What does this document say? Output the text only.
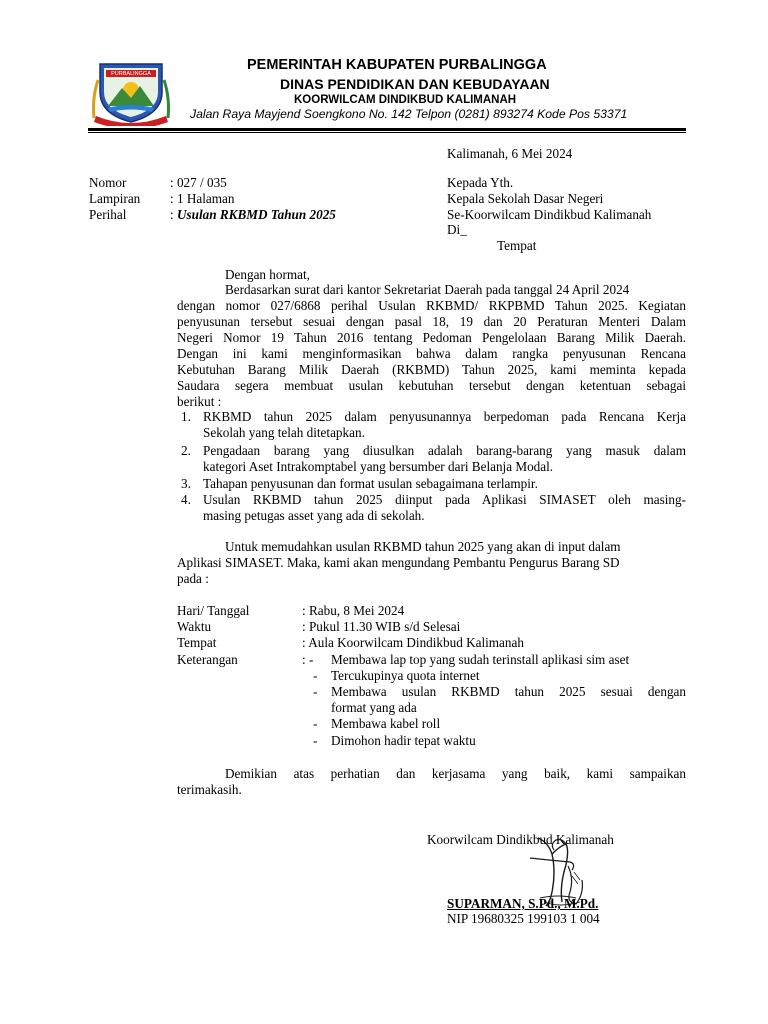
PURBALINGGA
PEMERINTAH KABUPATEN PURBALINGGA
DINAS PENDIDIKAN DAN KEBUDAYAAN
KOORWILCAM DINDIKBUD KALIMANAH
Jalan Raya Mayjend Soengkono No. 142 Telpon (0281) 893274 Kode Pos 53371
Kalimanah, 6 Mei 2024
Nomor	: 027 / 035
Lampiran : 1 Halaman
Perihal	: Usulan RKBMD Tahun 2025
Kepada Yth.
Kepala Sekolah Dasar Negeri
Se-Koorwilcam Dindikbud Kalimanah
Di_
Tempat
Dengan hormat,
Berdasarkan surat dari kantor Sekretariat Daerah pada tanggal 24 April 2024
dengan nomor 027/6868 perihal Usulan RKBMD/ RKPBMD Tahun 2025. Kegiatan
penyusunan tersebut sesuai dengan pasal 18, 19 dan 20 Peraturan Menteri Dalam
Negeri Nomor 19 Tahun 2016 tentang Pedoman Pengelolaan Barang Milik Daerah.
Dengan ini kami menginformasikan bahwa dalam rangka penyusunan Rencana
Kebutuhan Barang Milik Daerah (RKBMD) Tahun 2025, kami meminta kepada
Saudara segera membuat usulan kebutuhan tersebut dengan ketentuan sebagai
berikut :
1. RKBMD tahun 2025 dalam penyusunannya berpedoman pada Rencana Kerja
Sekolah yang telah ditetapkan.
2. Pengadaan barang yang diusulkan adalah barang-barang yang masuk dalam
kategori Aset Intrakomptabel yang bersumber dari Belanja Modal.
3. Tahapan penyusunan dan format usulan sebagaimana terlampir.
4. Usulan RKBMD tahun 2025 diinput pada Aplikasi SIMASET oleh masing-
masing petugas asset yang ada di sekolah.
Untuk memudahkan usulan RKBMD tahun 2025 yang akan di input dalam
Aplikasi SIMASET. Maka, kami akan mengundang Pembantu Pengurus Barang SD
pada :
Hari/ Tanggal	: Rabu, 8 Mei 2024
Waktu	: Pukul 11.30 WIB s/d Selesai
Tempat	: Aula Koorwilcam Dindikbud Kalimanah
Keterangan	: - Membawa lap top yang sudah terinstall aplikasi sim aset
- Tercukupinya quota internet
- Membawa usulan RKBMD tahun 2025 sesuai dengan
format yang ada
- Membawa kabel roll
- Dimohon hadir tepat waktu
Demikian atas perhatian dan kerjasama yang baik, kami sampaikan
terimakasih.
Koorwilcam Dindikbud Kalimanah
SUPARMAN, S.Pd., M.Pd.
NIP 19680325 199103 1 004
